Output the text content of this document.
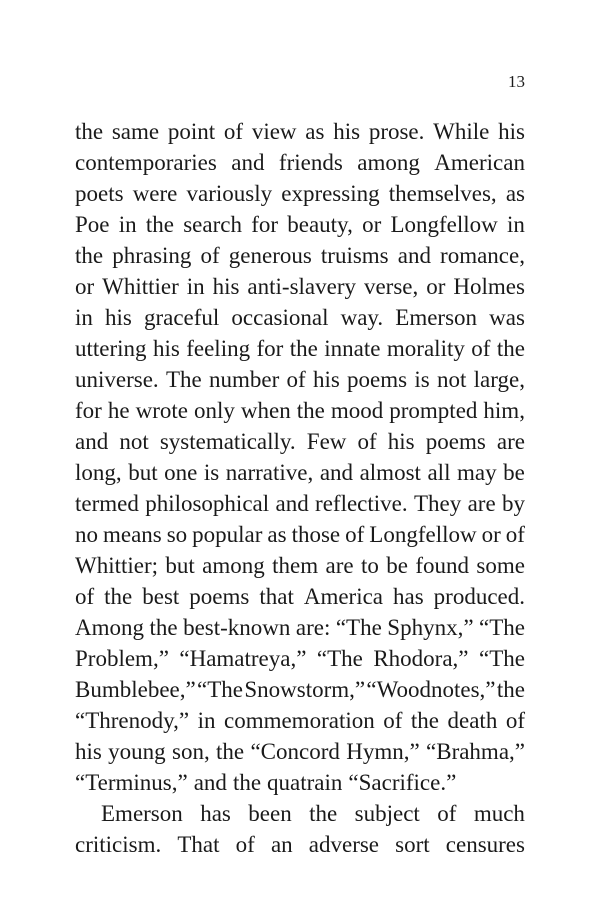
13
the same point of view as his prose. While his
contemporaries and friends among American
poets were variously expressing themselves, as
Poe in the search for beauty, or Longfellow in
the phrasing of generous truisms and romance,
or Whittier in his anti-slavery verse, or Holmes
in his graceful occasional way. Emerson was
uttering his feeling for the innate morality of the
universe. The number of his poems is not large,
for he wrote only when the mood prompted him,
and not systematically. Few of his poems are
long, but one is narrative, and almost all may be
termed philosophical and reflective. They are by
no means so popular as those of Longfellow or of
Whittier; but among them are to be found some
of the best poems that America has produced.
Among the best-known are: “The Sphynx,” “The
Problem,” “Hamatreya,” “The Rhodora,” “The
Bumblebee,” “The Snowstorm,” “Woodnotes,” the
“Threnody,” in commemoration of the death of
his young son, the “Concord Hymn,” “Brahma,”
“Terminus,” and the quatrain “Sacrifice.”
Emerson has been the subject of much
criticism. That of an adverse sort censures
